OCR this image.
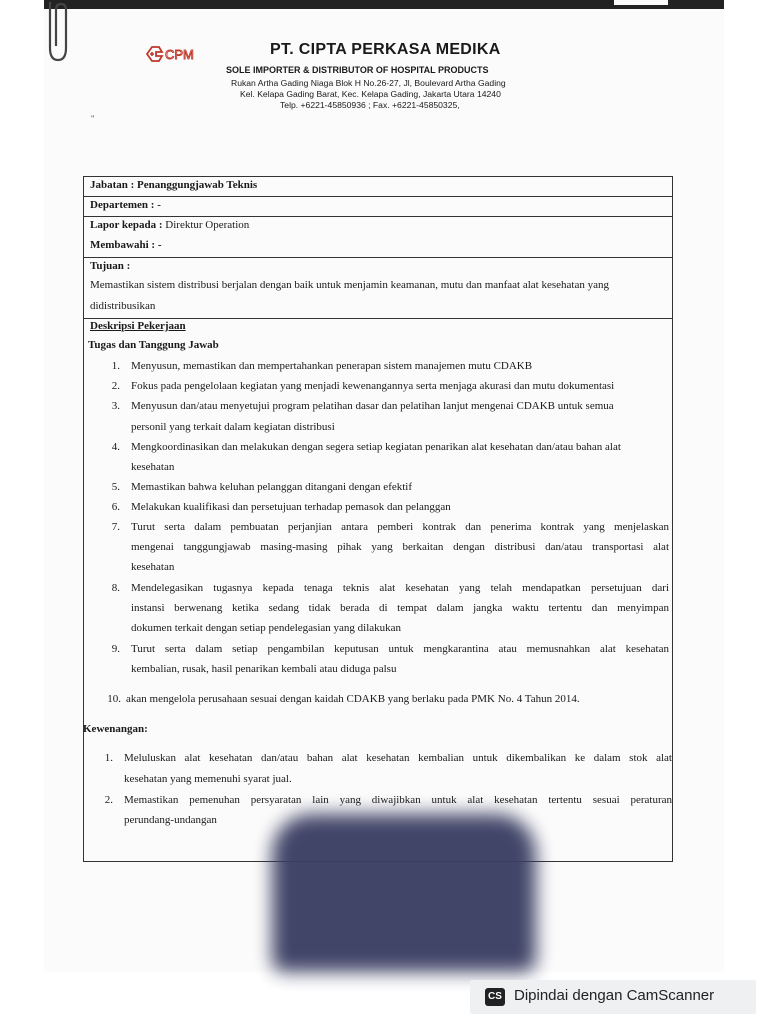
CPM	PT. CIPTA PERKASA MEDIKA
SOLE IMPORTER & DISTRIBUTOR OF HOSPITAL PRODUCTS
Rukan Artha Gading Niaga Blok H No.26-27, Jl, Boulevard Artha Gading
Kel. Kelapa Gading Barat, Kec. Kelapa Gading, Jakarta Utara 14240
Telp. +6221-45850936 ; Fax. +6221-45850325,
"
Jabatan : Penanggungjawab Teknis
Departemen : -
Lapor kepada : Direktur Operation
Membawahi : -
Tujuan :
Memastikan sistem distribusi berjalan dengan baik untuk menjamin keamanan, mutu dan manfaat alat kesehatan yang
didistribusikan
Deskripsi Pekerjaan
Tugas dan Tanggung Jawab
1. Menyusun, memastikan dan mempertahankan penerapan sistem manajemen mutu CDAKB
2. Fokus pada pengelolaan kegiatan yang menjadi kewenangannya serta menjaga akurasi dan mutu dokumentasi
3. Menyusun dan/atau menyetujui program pelatihan dasar dan pelatihan lanjut mengenai CDAKB untuk semua
personil yang terkait dalam kegiatan distribusi
4. Mengkoordinasikan dan melakukan dengan segera setiap kegiatan penarikan alat kesehatan dan/atau bahan alat
kesehatan
5. Memastikan bahwa keluhan pelanggan ditangani dengan efektif
6. Melakukan kualifikasi dan persetujuan terhadap pemasok dan pelanggan
7. Turut serta dalam pembuatan perjanjian antara pemberi kontrak dan penerima kontrak yang menjelaskan
mengenai tanggungjawab masing-masing pihak yang berkaitan dengan distribusi dan/atau transportasi alat
kesehatan
8. Mendelegasikan tugasnya kepada tenaga teknis alat kesehatan yang telah mendapatkan persetujuan dari
instansi berwenang ketika sedang tidak berada di tempat dalam jangka waktu tertentu dan menyimpan
dokumen terkait dengan setiap pendelegasian yang dilakukan
9. Turut serta dalam setiap pengambilan keputusan untuk mengkarantina atau memusnahkan alat kesehatan
kembalian, rusak, hasil penarikan kembali atau diduga palsu
10. akan mengelola perusahaan sesuai dengan kaidah CDAKB yang berlaku pada PMK No. 4 Tahun 2014.
Kewenangan:
1. Meluluskan alat kesehatan dan/atau bahan alat kesehatan kembalian untuk dikembalikan ke dalam stok alat
kesehatan yang memenuhi syarat jual.
2. Memastikan pemenuhan persyaratan lain yang diwajibkan untuk alat kesehatan tertentu sesuai peraturan
perundang-undangan
CS Dipindai dengan CamScanner
